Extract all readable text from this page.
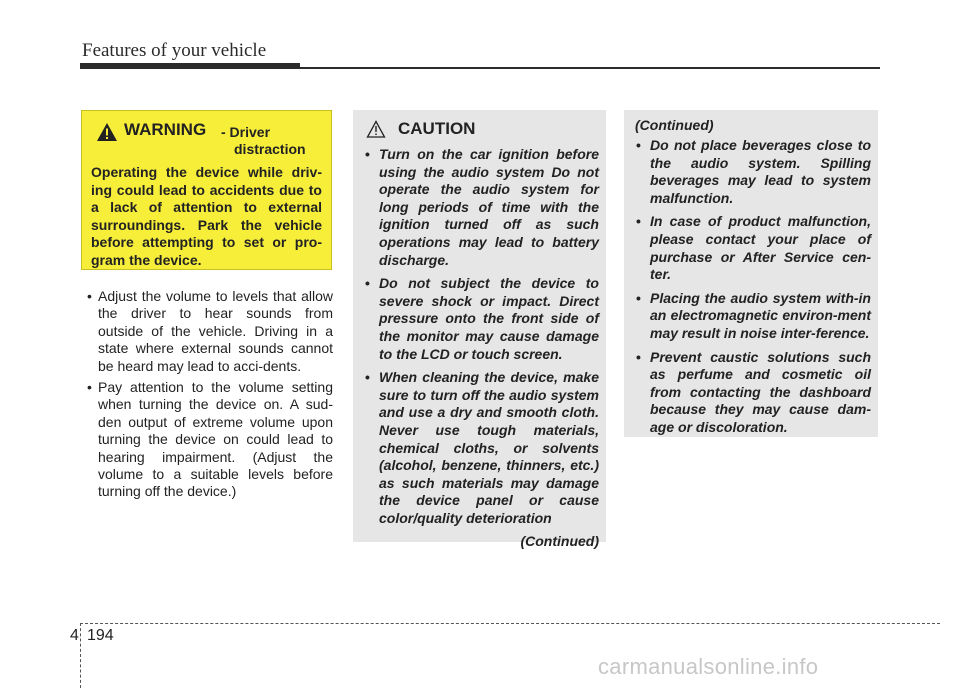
Features of your vehicle
WARNING - Driver
distraction

Operating the device while driv-ing could lead to accidents due to a lack of attention to external surroundings. Park the vehicle before attempting to set or pro-gram the device.

• Adjust the volume to levels that allow the driver to hear sounds from outside of the vehicle. Driving in a state where external sounds cannot be heard may lead to acci-dents.
• Pay attention to the volume setting when turning the device on. A sud-den output of extreme volume upon turning the device on could lead to hearing impairment. (Adjust the volume to a suitable levels before turning off the device.)
CAUTION
• Turn on the car ignition before using the audio system Do not operate the audio system for long periods of time with the ignition turned off as such operations may lead to battery discharge.
• Do not subject the device to severe shock or impact. Direct pressure onto the front side of the monitor may cause damage to the LCD or touch screen.
• When cleaning the device, make sure to turn off the audio system and use a dry and smooth cloth. Never use tough materials, chemical cloths, or solvents (alcohol, benzene, thinners, etc.) as such materials may damage the device panel or cause color/quality deterioration
(Continued)
(Continued)
• Do not place beverages close to the audio system. Spilling beverages may lead to system malfunction.
• In case of product malfunction, please contact your place of purchase or After Service cen-ter.
• Placing the audio system with-in an electromagnetic environ-ment may result in noise inter-ference.
• Prevent caustic solutions such as perfume and cosmetic oil from contacting the dashboard because they may cause dam-age or discoloration.
4 194
carmanualsonline.info
